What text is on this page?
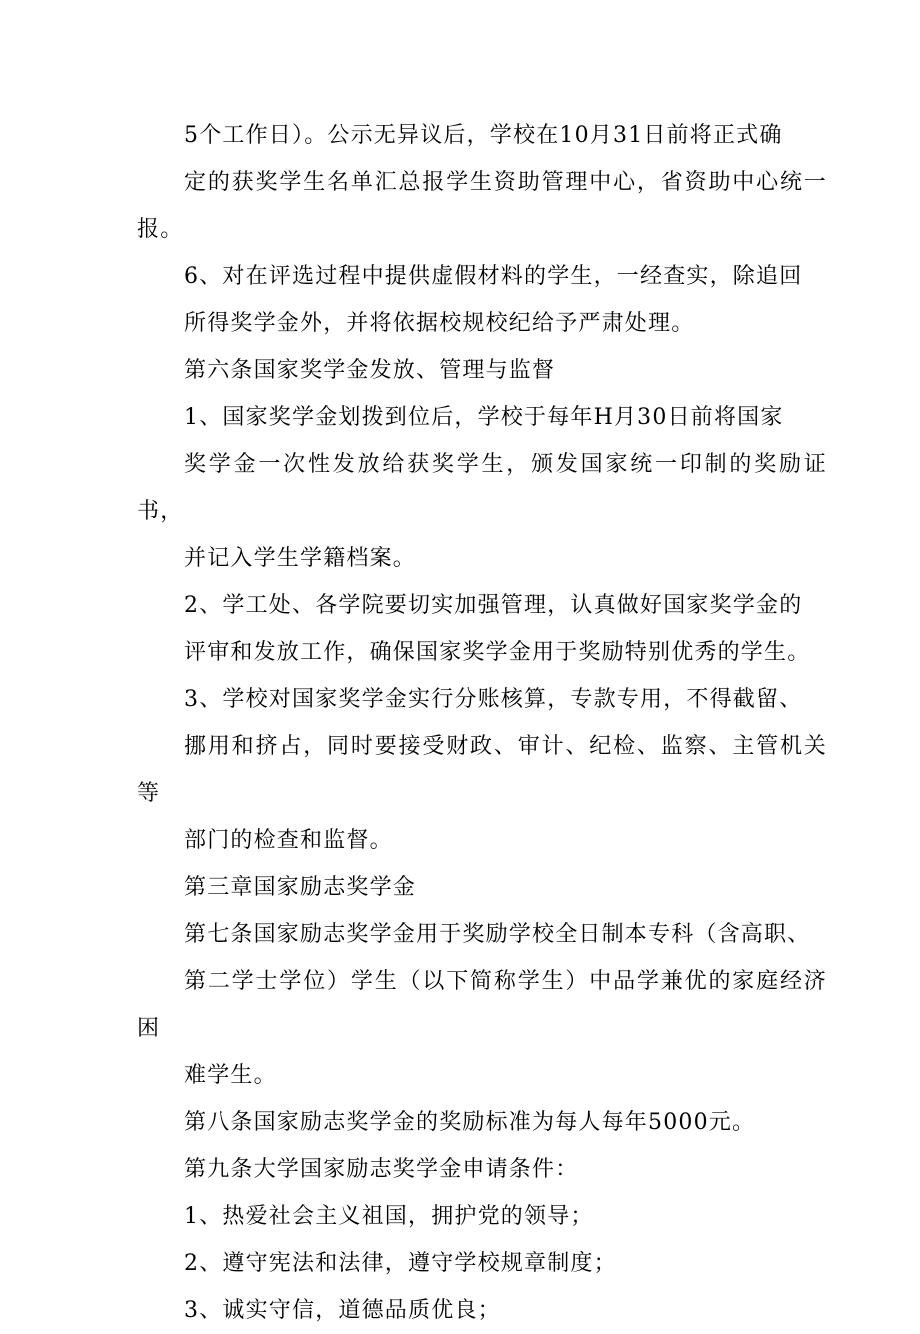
5个工作日）。公示无异议后，学校在10月31日前将正式确
定的获奖学生名单汇总报学生资助管理中心，省资助中心统一报。

6、对在评选过程中提供虚假材料的学生，一经查实，除追回
所得奖学金外，并将依据校规校纪给予严肃处理。

第六条国家奖学金发放、管理与监督

1、国家奖学金划拨到位后，学校于每年H月30日前将国家
奖学金一次性发放给获奖学生，颁发国家统一印制的奖励证书，
并记入学生学籍档案。

2、学工处、各学院要切实加强管理，认真做好国家奖学金的
评审和发放工作，确保国家奖学金用于奖励特别优秀的学生。

3、学校对国家奖学金实行分账核算，专款专用，不得截留、
挪用和挤占，同时要接受财政、审计、纪检、监察、主管机关等
部门的检查和监督。

第三章国家励志奖学金

第七条国家励志奖学金用于奖励学校全日制本专科（含高职、
第二学士学位）学生（以下简称学生）中品学兼优的家庭经济困
难学生。

第八条国家励志奖学金的奖励标准为每人每年5000元。

第九条大学国家励志奖学金申请条件：

1、热爱社会主义祖国，拥护党的领导；

2、遵守宪法和法律，遵守学校规章制度；

3、诚实守信，道德品质优良；
